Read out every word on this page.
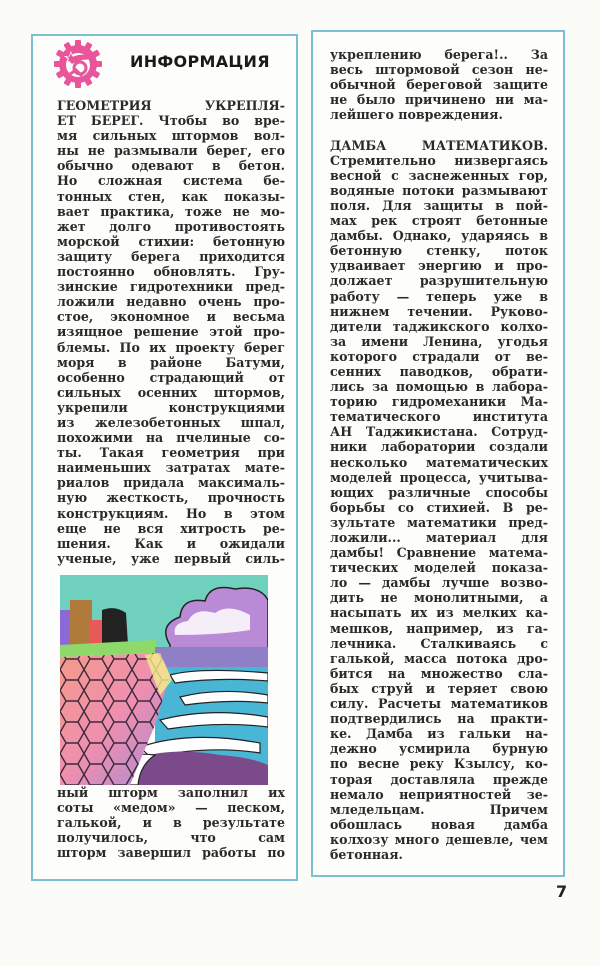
ИНФОРМАЦИЯ
ГЕОМЕТРИЯ УКРЕПЛЯ-
ЕТ БЕРЕГ. Чтобы во вре-
мя сильных штормов вол-
ны не размывали берег, его
обычно одевают в бетон.
Но сложная система бе-
тонных стен, как показы-
вает практика, тоже не мо-
жет долго противостоять
морской стихии: бетонную
защиту берега приходится
постоянно обновлять. Гру-
зинские гидротехники пред-
ложили недавно очень про-
стое, экономное и весьма
изящное решение этой про-
блемы. По их проекту берег
моря в районе Батуми,
особенно страдающий от
сильных осенних штормов,
укрепили конструкциями
из железобетонных шпал,
похожими на пчелиные со-
ты. Такая геометрия при
наименьших затратах мате-
риалов придала максималь-
ную жесткость, прочность
конструкциям. Но в этом
еще не вся хитрость ре-
шения. Как и ожидали
ученые, уже первый силь-
ный шторм заполнил их
соты «медом» — песком,
галькой, и в результате
получилось, что сам
шторм завершил работы по
укреплению берега!.. За
весь штормовой сезон не-
обычной береговой защите
не было причинено ни ма-
лейшего повреждения.
ДАМБА МАТЕМАТИКОВ.
Стремительно низвергаясь
весной с заснеженных гор,
водяные потоки размывают
поля. Для защиты в пой-
мах рек строят бетонные
дамбы. Однако, ударяясь в
бетонную стенку, поток
удваивает энергию и про-
должает разрушительную
работу — теперь уже в
нижнем течении. Руково-
дители таджикского колхо-
за имени Ленина, угодья
которого страдали от ве-
сенних паводков, обрати-
лись за помощью в лабора-
торию гидромеханики Ма-
тематического института
АН Таджикистана. Сотруд-
ники лаборатории создали
несколько математических
моделей процесса, учитыва-
ющих различные способы
борьбы со стихией. В ре-
зультате математики пред-
ложили... материал для
дамбы! Сравнение матема-
тических моделей показа-
ло — дамбы лучше возво-
дить не монолитными, а
насыпать их из мелких ка-
мешков, например, из га-
лечника. Сталкиваясь с
галькой, масса потока дро-
бится на множество сла-
бых струй и теряет свою
силу. Расчеты математиков
подтвердились на практи-
ке. Дамба из гальки на-
дежно усмирила бурную
по весне реку Кзылсу, ко-
торая доставляла прежде
немало неприятностей зе-
мледельцам. Причем
обошлась новая дамба
колхозу много дешевле, чем
бетонная.
7
